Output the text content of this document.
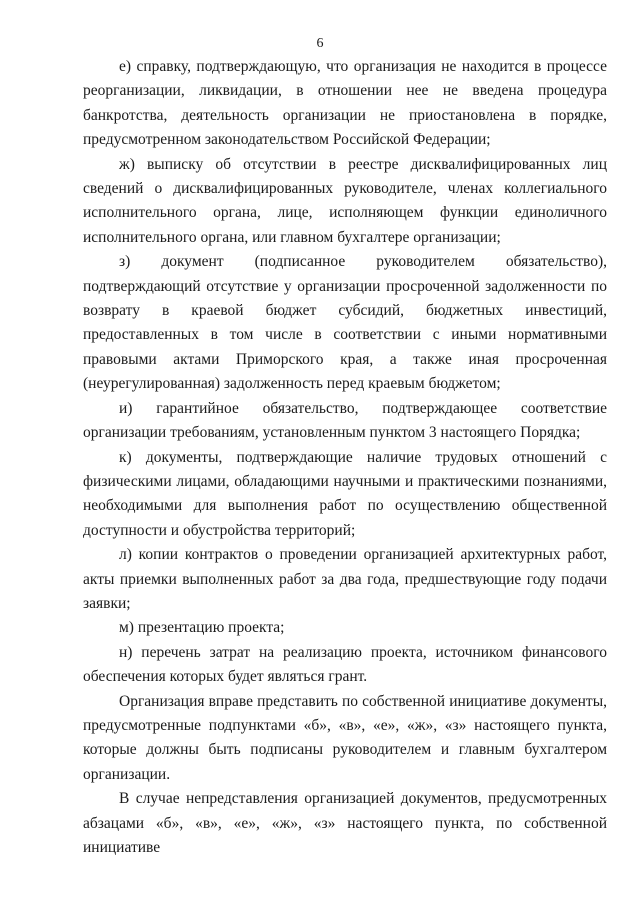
6

е) справку, подтверждающую, что организация не находится в процессе реорганизации, ликвидации, в отношении нее не введена процедура банкротства, деятельность организации не приостановлена в порядке, предусмотренном законодательством Российской Федерации;

ж) выписку об отсутствии в реестре дисквалифицированных лиц сведений о дисквалифицированных руководителе, членах коллегиального исполнительного органа, лице, исполняющем функции единоличного исполнительного органа, или главном бухгалтере организации;

з) документ (подписанное руководителем обязательство), подтверждающий отсутствие у организации просроченной задолженности по возврату в краевой бюджет субсидий, бюджетных инвестиций, предоставленных в том числе в соответствии с иными нормативными правовыми актами Приморского края, а также иная просроченная (неурегулированная) задолженность перед краевым бюджетом;

и) гарантийное обязательство, подтверждающее соответствие организации требованиям, установленным пунктом 3 настоящего Порядка;

к) документы, подтверждающие наличие трудовых отношений с физическими лицами, обладающими научными и практическими познаниями, необходимыми для выполнения работ по осуществлению общественной доступности и обустройства территорий;

л) копии контрактов о проведении организацией архитектурных работ, акты приемки выполненных работ за два года, предшествующие году подачи заявки;

м) презентацию проекта;

н) перечень затрат на реализацию проекта, источником финансового обеспечения которых будет являться грант.

Организация вправе представить по собственной инициативе документы, предусмотренные подпунктами «б», «в», «е», «ж», «з» настоящего пункта, которые должны быть подписаны руководителем и главным бухгалтером организации.

В случае непредставления организацией документов, предусмотренных абзацами «б», «в», «е», «ж», «з» настоящего пункта, по собственной инициативе
